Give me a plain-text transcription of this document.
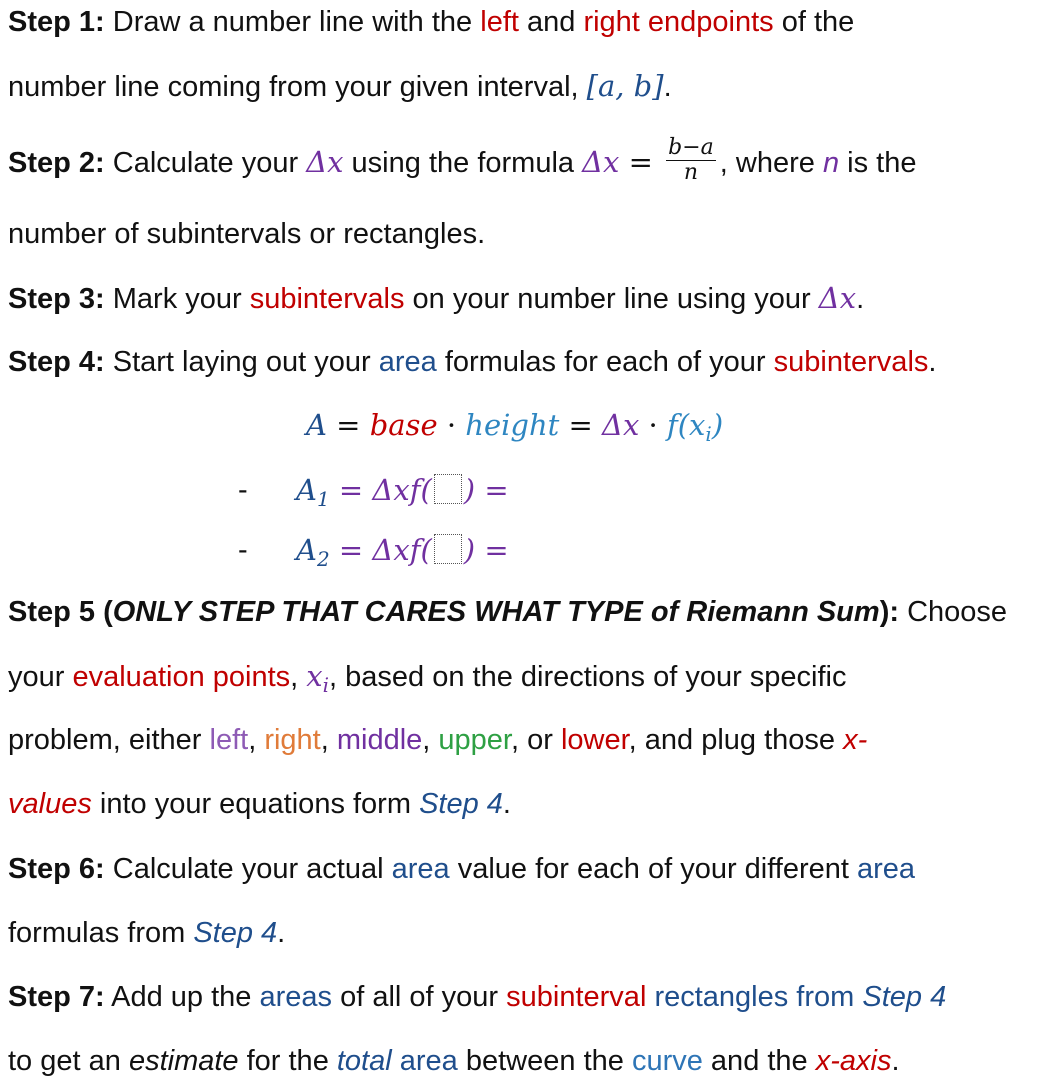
Step 1: Draw a number line with the left and right endpoints of the
number line coming from your given interval, [a, b].
Step 2: Calculate your Δx using the formula $\Delta x = \frac{b-a}{n}$ , where n is the
number of subintervals or rectangles.
Step 3: Mark your subintervals on your number line using your Δx.
Step 4: Start laying out your area formulas for each of your subintervals.
A = base · height = $\Delta x \cdot f(x_i)$
- $A_1 = \Delta xf$( ) =
- $A_2 = \Delta xf$( ) =
Step 5 (ONLY STEP THAT CARES WHAT TYPE of Riemann Sum): Choose
your evaluation points, $x_i$, based on the directions of your specific
problem, either left, right, middle, upper, or lower, and plug those x-
values into your equations form Step 4.
Step 6: Calculate your actual area value for each of your different area
formulas from Step 4.
Step 7: Add up the areas of all of your subinterval rectangles from Step 4
to get an estimate for the total area between the curve and the x-axis.
